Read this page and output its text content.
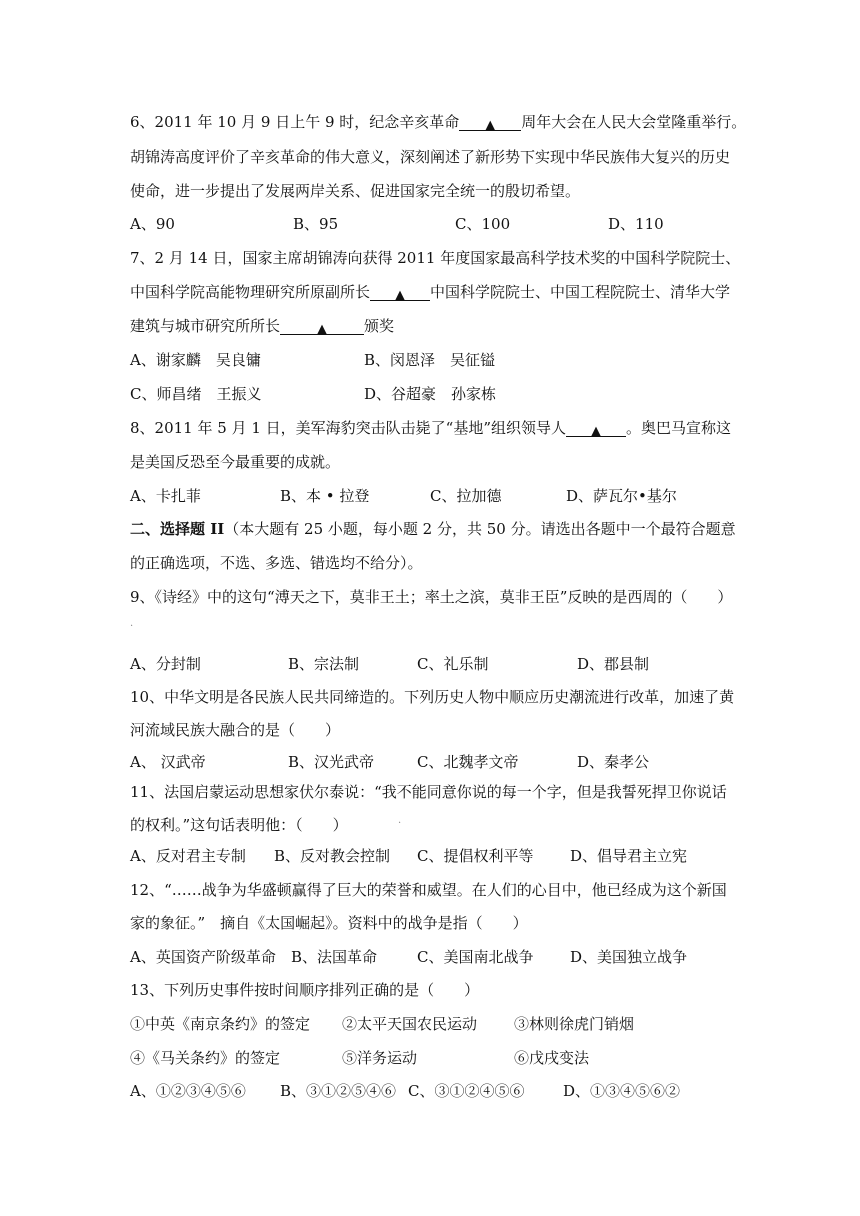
6、2011 年 10 月 9 日上午 9 时，纪念辛亥革命 ▲ 周年大会在人民大会堂隆重举行。
胡锦涛高度评价了辛亥革命的伟大意义，深刻阐述了新形势下实现中华民族伟大复兴的历史
使命，进一步提出了发展两岸关系、促进国家完全统一的殷切希望。
A、90	B、95	C、100	D、110
7、2 月 14 日，国家主席胡锦涛向获得 2011 年度国家最高科学技术奖的中国科学院院士、
中国科学院高能物理研究所原副所长 ▲ 中国科学院院士、中国工程院院士、清华大学
建筑与城市研究所所长	▲ 颁奖
A、谢家麟　吴良镛	B、闵恩泽　吴征镒
C、师昌绪　王振义	D、谷超豪　孙家栋
8、2011 年 5 月 1 日，美军海豹突击队击毙了“基地”组织领导人 ▲ 。奥巴马宣称这
是美国反恐至今最重要的成就。
A、卡扎菲	B、本 • 拉登	C、拉加德	D、萨瓦尔•基尔
二、选择题 II（本大题有 25 小题，每小题 2 分，共 50 分。请选出各题中一个最符合题意
的正确选项，不选、多选、错选均不给分）。
9、《诗经》中的这句“溥天之下，莫非王土；率土之滨，莫非王臣”反映的是西周的（　　）
.
A、分封制	B、宗法制	C、礼乐制	D、郡县制
10、中华文明是各民族人民共同缔造的。下列历史人物中顺应历史潮流进行改革，加速了黄
河流域民族大融合的是（　　）
A、 汉武帝	B、汉光武帝	C、北魏孝文帝	D、秦孝公
11、法国启蒙运动思想家伏尔泰说：“我不能同意你说的每一个字，但是我誓死捍卫你说话
的权利。”这句话表明他：（　　）	.
A、反对君主专制 B、反对教会控制 C、提倡权利平等 D、倡导君主立宪
12、“……战争为华盛顿赢得了巨大的荣誉和威望。在人们的心目中，他已经成为这个新国
家的象征。”　摘自《太国崛起》。资料中的战争是指（　　）
A、英国资产阶级革命 B、法国革命	C、美国南北战争 D、美国独立战争
13、下列历史事件按时间顺序排列正确的是（　　）
①中英《南京条约》的签定 ②太平天国农民运动 ③林则徐虎门销烟
④《马关条约》的签定	⑤洋务运动	⑥戊戌变法
A、①②③④⑤⑥ B、③①②⑤④⑥ C、③①②④⑤⑥	D、①③④⑤⑥②
